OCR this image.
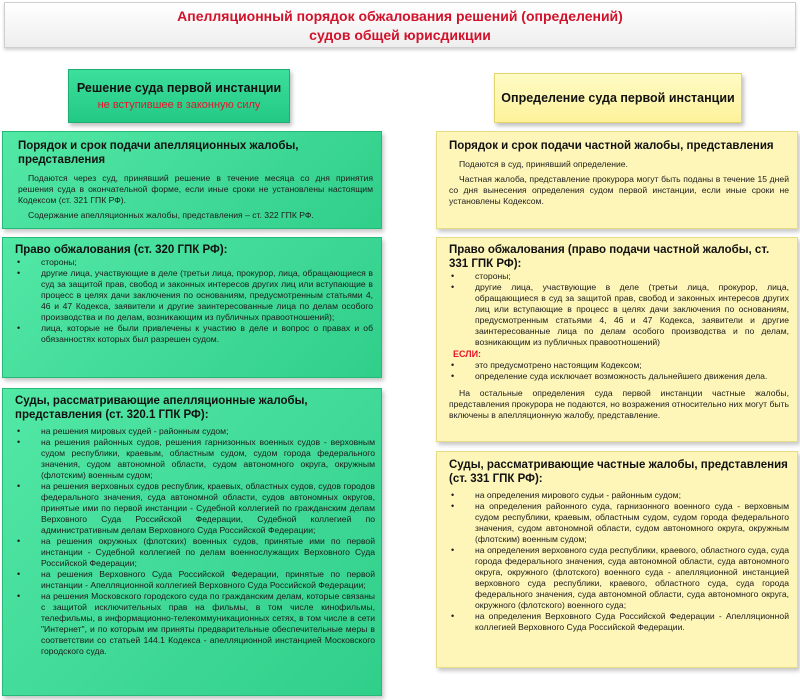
Апелляционный порядок обжалования решений (определений)
судов общей юрисдикции
Решение суда первой инстанции
не вступившее в законную силу	Определение суда первой инстанции
Порядок и срок подачи апелляционных жалобы, представления
Подаются через суд, принявший решение в течение месяца со дня принятия решения суда в окончательной форме, если иные сроки не установлены настоящим Кодексом (ст. 321 ГПК РФ).
Содержание апелляционных жалобы, представления – ст. 322 ГПК РФ.
Право обжалования (ст. 320 ГПК РФ):
• стороны;
• другие лица, участвующие в деле (третьи лица, прокурор, лица, обращающиеся в суд за защитой прав, свобод и законных интересов других лиц или вступающие в процесс в целях дачи заключения по основаниям, предусмотренным статьями 4, 46 и 47 Кодекса, заявители и другие заинтересованные лица по делам особого производства и по делам, возникающим из публичных правоотношений);
• лица, которые не были привлечены к участию в деле и вопрос о правах и об обязанностях которых был разрешен судом.
Суды, рассматривающие апелляционные жалобы, представления (ст. 320.1 ГПК РФ):
• на решения мировых судей - районным судом;
• на решения районных судов, решения гарнизонных военных судов - верховным судом республики, краевым, областным судом, судом города федерального значения, судом автономной области, судом автономного округа, окружным (флотским) военным судом;
• на решения верховных судов республик, краевых, областных судов, судов городов федерального значения, суда автономной области, судов автономных округов, принятые ими по первой инстанции - Судебной коллегией по гражданским делам Верховного Суда Российской Федерации, Судебной коллегией по административным делам Верховного Суда Российской Федерации;
• на решения окружных (флотских) военных судов, принятые ими по первой инстанции - Судебной коллегией по делам военнослужащих Верховного Суда Российской Федерации;
• на решения Верховного Суда Российской Федерации, принятые по первой инстанции - Апелляционной коллегией Верховного Суда Российской Федерации;
• на решения Московского городского суда по гражданским делам, которые связаны с защитой исключительных прав на фильмы, в том числе кинофильмы, телефильмы, в информационно-телекоммуникационных сетях, в том числе в сети "Интернет", и по которым им приняты предварительные обеспечительные меры в соответствии со статьей 144.1 Кодекса - апелляционной инстанцией Московского городского суда.
Порядок и срок подачи частной жалобы, представления
Подаются в суд, принявший определение.
Частная жалоба, представление прокурора могут быть поданы в течение 15 дней со дня вынесения определения судом первой инстанции, если иные сроки не установлены Кодексом.
Право обжалования (право подачи частной жалобы, ст. 331 ГПК РФ):
• стороны;
• другие лица, участвующие в деле (третьи лица, прокурор, лица, обращающиеся в суд за защитой прав, свобод и законных интересов других лиц или вступающие в процесс в целях дачи заключения по основаниям, предусмотренным статьями 4, 46 и 47 Кодекса, заявители и другие заинтересованные лица по делам особого производства и по делам, возникающим из публичных правоотношений)
ЕСЛИ:
• это предусмотрено настоящим Кодексом;
• определение суда исключает возможность дальнейшего движения дела.
На остальные определения суда первой инстанции частные жалобы, представления прокурора не подаются, но возражения относительно них могут быть включены в апелляционную жалобу, представление.
Суды, рассматривающие частные жалобы, представления (ст. 331 ГПК РФ):
• на определения мирового судьи - районным судом;
• на определения районного суда, гарнизонного военного суда - верховным судом республики, краевым, областным судом, судом города федерального значения, судом автономной области, судом автономного округа, окружным (флотским) военным судом;
• на определения верховного суда республики, краевого, областного суда, суда города федерального значения, суда автономной области, суда автономного округа, окружного (флотского) военного суда - апелляционной инстанцией верховного суда республики, краевого, областного суда, суда города федерального значения, суда автономной области, суда автономного округа, окружного (флотского) военного суда;
• на определения Верховного Суда Российской Федерации - Апелляционной коллегией Верховного Суда Российской Федерации.
